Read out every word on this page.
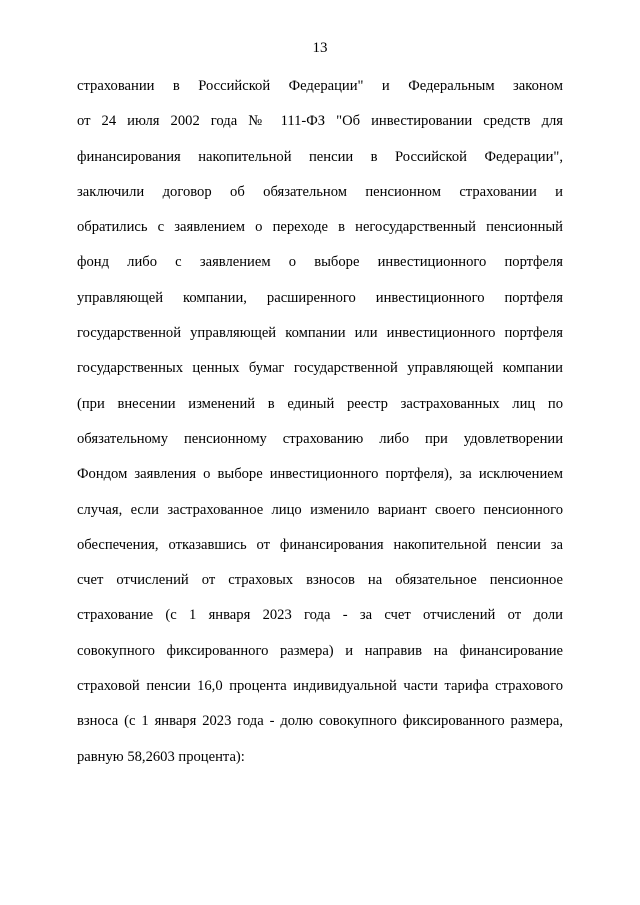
13
страховании в Российской Федерации" и Федеральным законом
от 24 июля 2002 года № 111-ФЗ "Об инвестировании средств для
финансирования накопительной пенсии в Российской Федерации",
заключили договор об обязательном пенсионном страховании и
обратились с заявлением о переходе в негосударственный пенсионный
фонд либо с заявлением о выборе инвестиционного портфеля
управляющей компании, расширенного инвестиционного портфеля
государственной управляющей компании или инвестиционного портфеля
государственных ценных бумаг государственной управляющей компании
(при внесении изменений в единый реестр застрахованных лиц по
обязательному пенсионному страхованию либо при удовлетворении
Фондом заявления о выборе инвестиционного портфеля), за исключением
случая, если застрахованное лицо изменило вариант своего пенсионного
обеспечения, отказавшись от финансирования накопительной пенсии за
счет отчислений от страховых взносов на обязательное пенсионное
страхование (с 1 января 2023 года - за счет отчислений от доли
совокупного фиксированного размера) и направив на финансирование
страховой пенсии 16,0 процента индивидуальной части тарифа страхового
взноса (с 1 января 2023 года - долю совокупного фиксированного размера,
равную 58,2603 процента):
